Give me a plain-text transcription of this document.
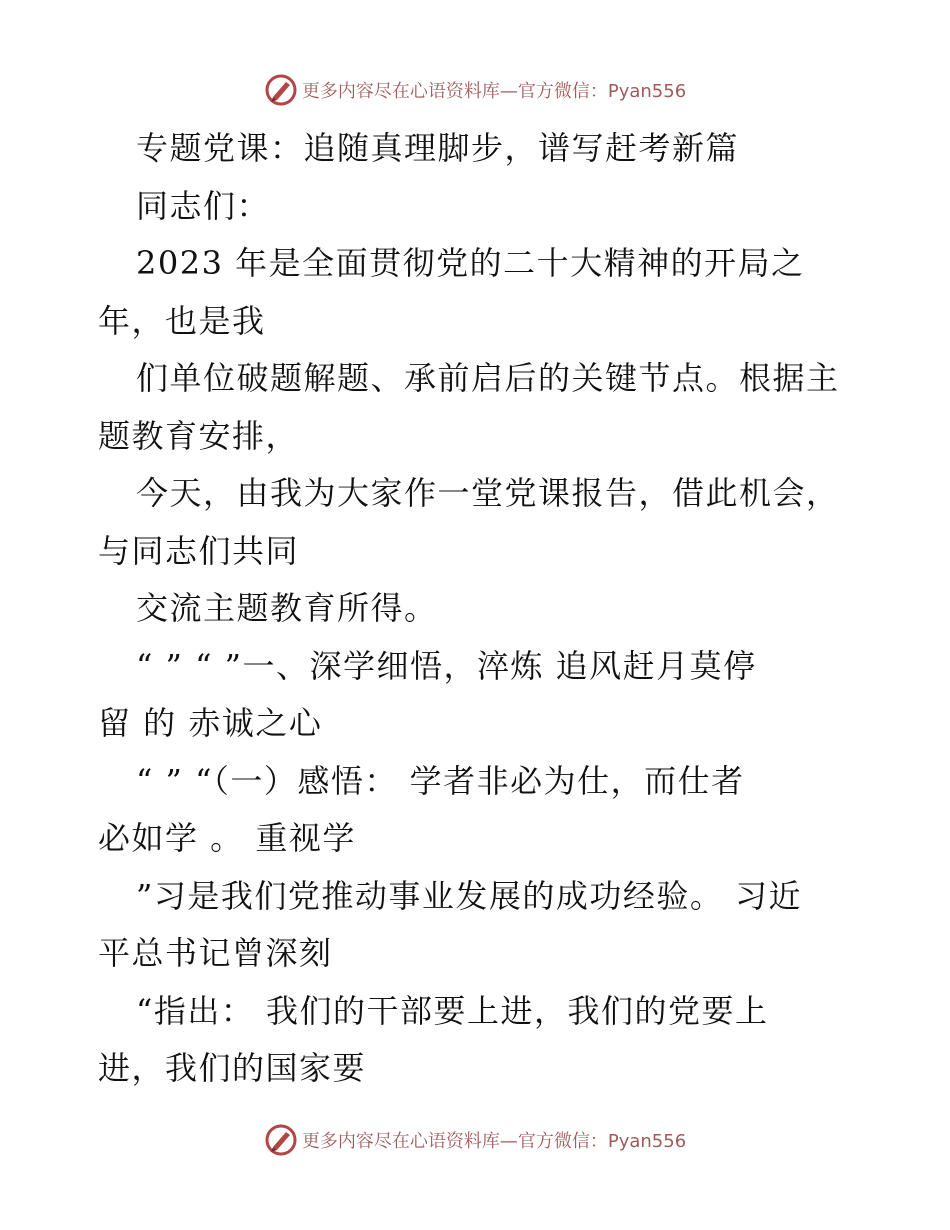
更多内容尽在心语资料库—官方微信：Pyan556
专题党课：追随真理脚步，谱写赶考新篇
同志们：
2023 年是全面贯彻党的二十大精神的开局之
年，也是我
们单位破题解题、承前启后的关键节点。根据主
题教育安排，
今天，由我为大家作一堂党课报告，借此机会，
与同志们共同
交流主题教育所得。
“ ” “ ”一、深学细悟，淬炼 追风赶月莫停
留 的 赤诚之心
“ ” “（一）感悟： 学者非必为仕，而仕者
必如学 。 重视学
”习是我们党推动事业发展的成功经验。 习近
平总书记曾深刻
“指出： 我们的干部要上进，我们的党要上
进，我们的国家要
更多内容尽在心语资料库—官方微信：Pyan556
